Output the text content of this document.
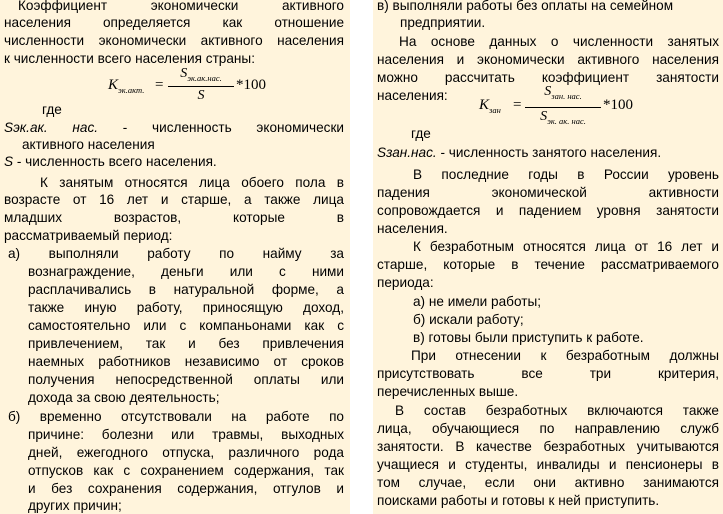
Коэффициент экономически активного
населения определяется как отношение
численности экономически активного населения
к численности всего населения страны:
$K_{эк.акт.}$ =
$S_{эк.ак.нас.}$
S
*100
где
Sэк.ак. нас. - численность экономически
активного населения
S - численность всего населения.
К занятым относятся лица обоего пола в
возрасте от 16 лет и старше, а также лица
младших возрастов, которые в
рассматриваемый период:
а) выполняли работу по найму за
вознаграждение, деньги или с ними
расплачивались в натуральной форме, а
также иную работу, приносящую доход,
самостоятельно или с компаньонами как с
привлечением, так и без привлечения
наемных работников независимо от сроков
получения непосредственной оплаты или
дохода за свою деятельность;
б) временно отсутствовали на работе по
причине: болезни или травмы, выходных
дней, ежегодного отпуска, различного рода
отпусков как с сохранением содержания, так
и без сохранения содержания, отгулов и
других причин;
в) выполняли работы без оплаты на семейном
предприятии.
На основе данных о численности занятых
населения и экономически активного населения
можно рассчитать коэффициент занятости
населения:
$K_{зан}$ =
$S_{зан. нас.}$
$S_{эк. ак. нас.}$
*100
где
Sзан.нас. - численность занятого населения.
В последние годы в России уровень
падения экономической активности
сопровождается и падением уровня занятости
населения.
К безработным относятся лица от 16 лет и
старше, которые в течение рассматриваемого
периода:
а) не имели работы;
б) искали работу;
в) готовы были приступить к работе.
При отнесении к безработным должны
присутствовать все три критерия,
перечисленных выше.
В состав безработных включаются также
лица, обучающиеся по направлению служб
занятости. В качестве безработных учитываются
учащиеся и студенты, инвалиды и пенсионеры в
том случае, если они активно занимаются
поисками работы и готовы к ней приступить.
